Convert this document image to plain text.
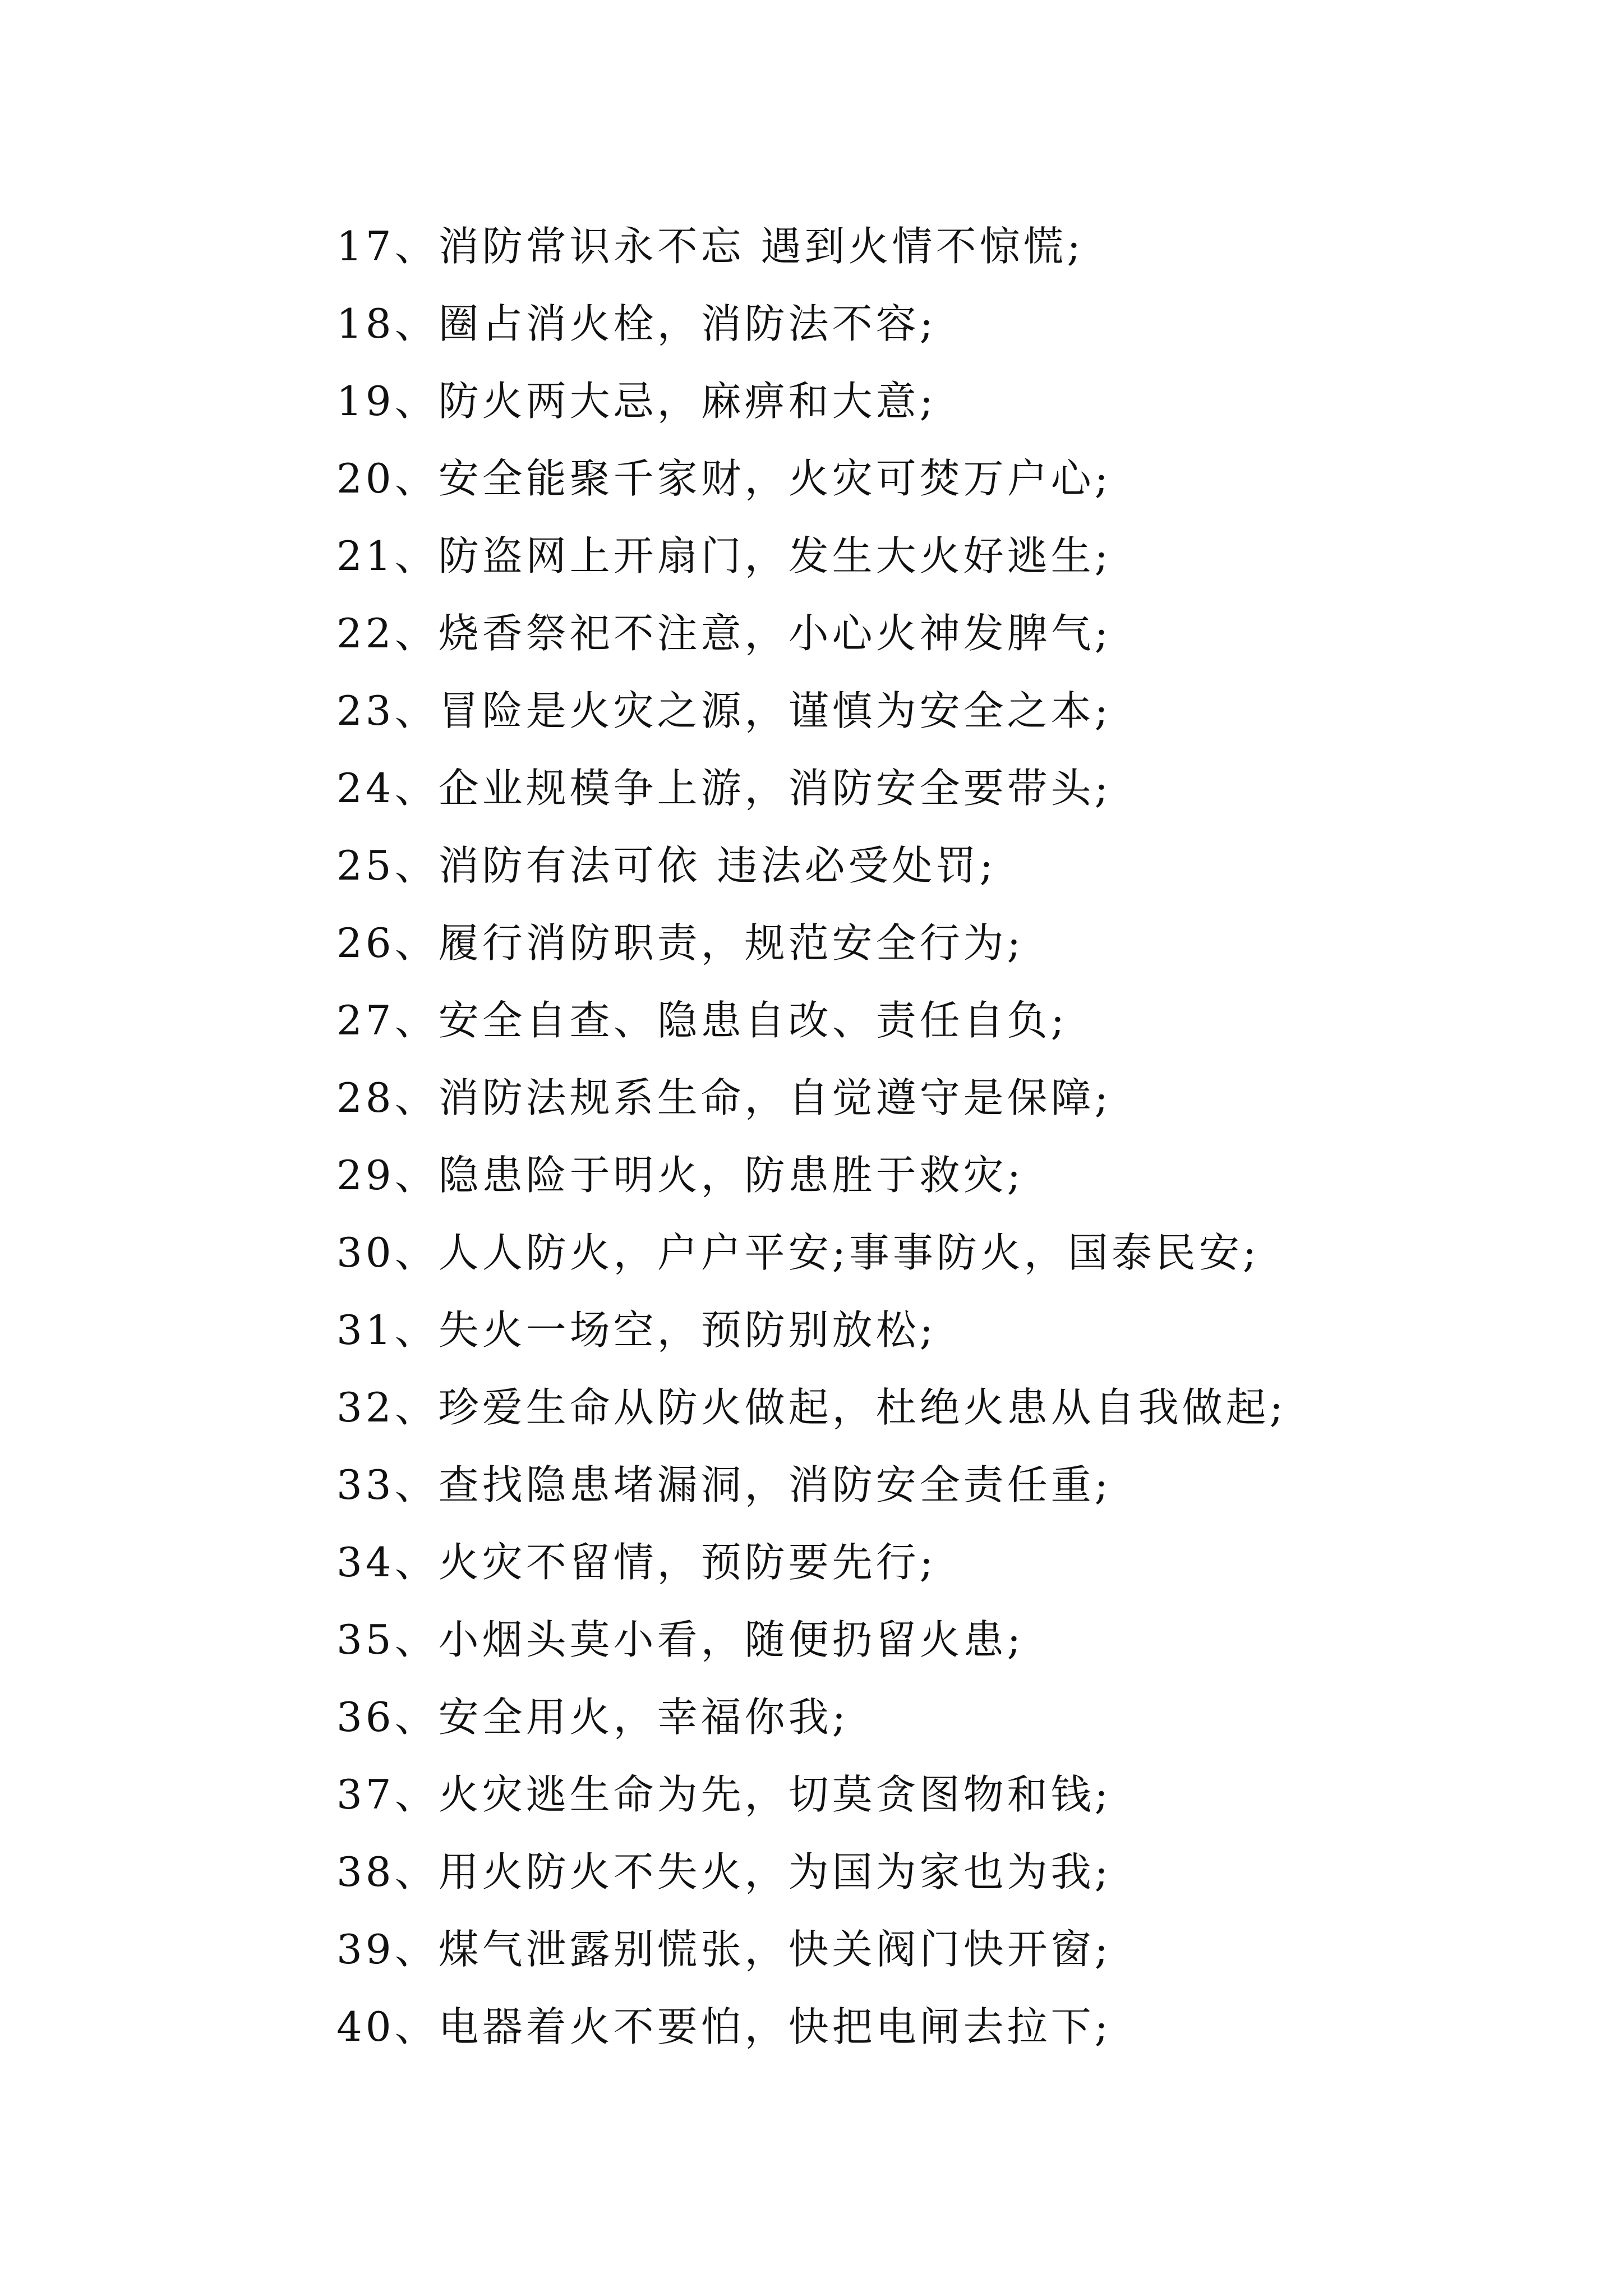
17、消防常识永不忘 遇到火情不惊慌;
18、圈占消火栓，消防法不容;
19、防火两大忌，麻痹和大意;
20、安全能聚千家财，火灾可焚万户心;
21、防盗网上开扇门，发生大火好逃生;
22、烧香祭祀不注意，小心火神发脾气;
23、冒险是火灾之源，谨慎为安全之本;
24、企业规模争上游，消防安全要带头;
25、消防有法可依 违法必受处罚;
26、履行消防职责，规范安全行为;
27、安全自查、隐患自改、责任自负;
28、消防法规系生命，自觉遵守是保障;
29、隐患险于明火，防患胜于救灾;
30、人人防火，户户平安;事事防火，国泰民安;
31、失火一场空，预防别放松;
32、珍爱生命从防火做起，杜绝火患从自我做起;
33、查找隐患堵漏洞，消防安全责任重;
34、火灾不留情，预防要先行;
35、小烟头莫小看，随便扔留火患;
36、安全用火，幸福你我;
37、火灾逃生命为先，切莫贪图物和钱;
38、用火防火不失火，为国为家也为我;
39、煤气泄露别慌张，快关阀门快开窗;
40、电器着火不要怕，快把电闸去拉下;
